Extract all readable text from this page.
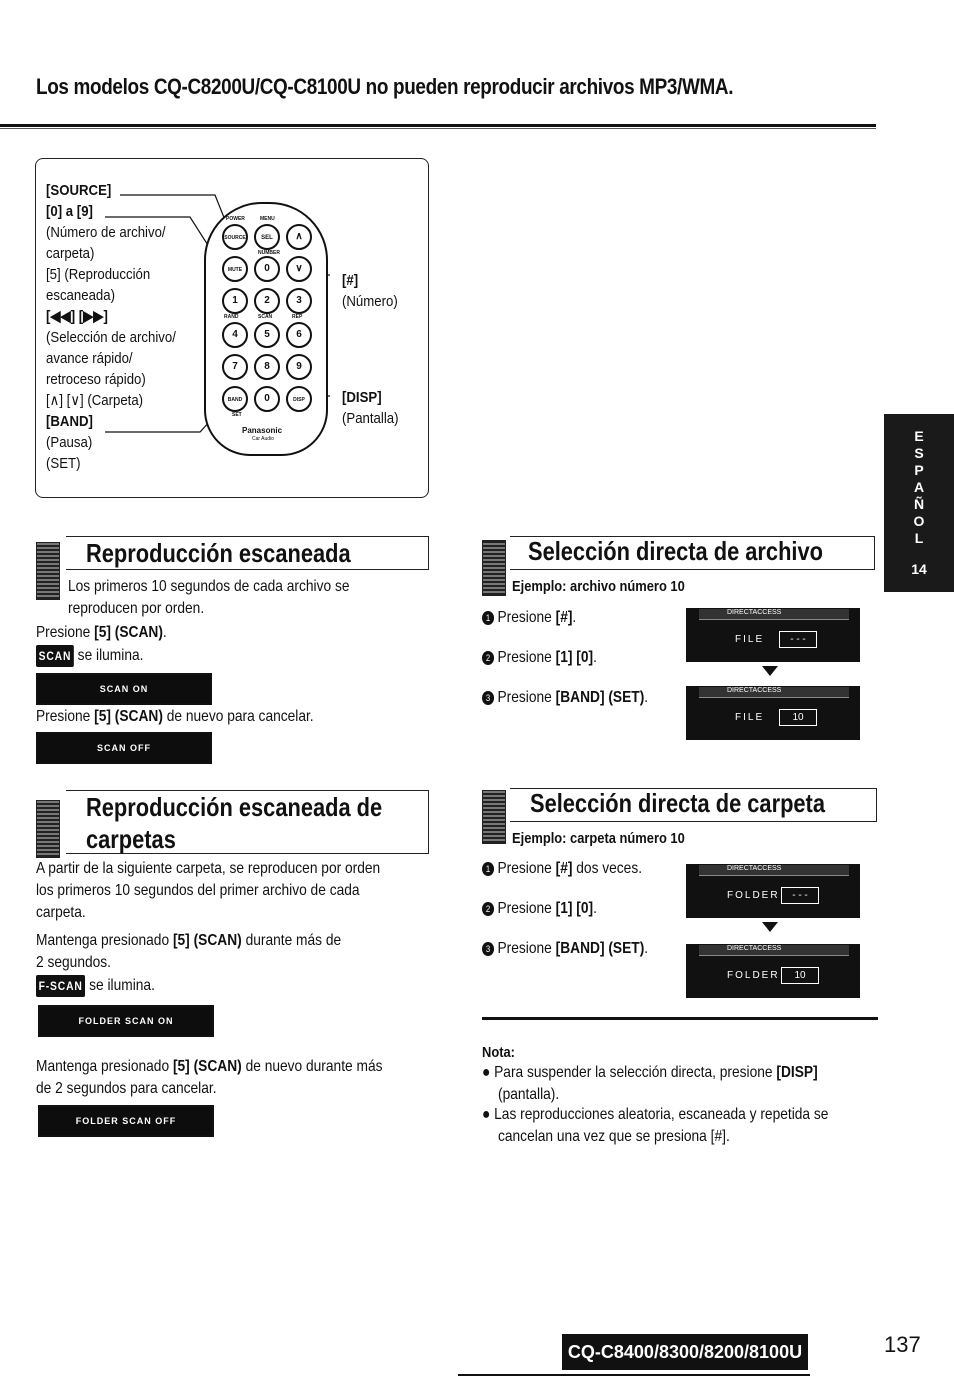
Los modelos CQ-C8200U/CQ-C8100U no pueden reproducir archivos MP3/WMA.
[SOURCE]
[0] a [9]
(Número de archivo/
carpeta)
[5] (Reproducción
escaneada)
[◀◀] [▶▶]
(Selección de archivo/
avance rápido/
retroceso rápido)
[∧] [∨] (Carpeta)
[BAND]
(Pausa)
(SET)
POWER	MENU
SOURCE	SEL	∧
NUMBER
MUTE	0	∨
1	2	3
RAND	SCAN	REP
4	5	6
7	8	9
BAND	0	DISP
SET
Panasonic
Car Audio
[#]
(Número)
[DISP]
(Pantalla)
Reproducción escaneada
Los primeros 10 segundos de cada archivo se
reproducen por orden.
Presione [5] (SCAN).
SCAN se ilumina.
SCAN ON
Presione [5] (SCAN) de nuevo para cancelar.
SCAN OFF
Reproducción escaneada de
carpetas
A partir de la siguiente carpeta, se reproducen por orden
los primeros 10 segundos del primer archivo de cada
carpeta.
Mantenga presionado [5] (SCAN) durante más de
2 segundos.
F-SCAN se ilumina.
FOLDER SCAN ON
Mantenga presionado [5] (SCAN) de nuevo durante más
de 2 segundos para cancelar.
FOLDER SCAN OFF
Selección directa de archivo
Ejemplo: archivo número 10
1 Presione [#].
2 Presione [1] [0].
3 Presione [BAND] (SET).
DIRECTACCESS
FILE	- - -
DIRECTACCESS
FILE	10
Selección directa de carpeta
Ejemplo: carpeta número 10
1 Presione [#] dos veces.
2 Presione [1] [0].
3 Presione [BAND] (SET).
DIRECTACCESS
FOLDER	- - -
DIRECTACCESS
FOLDER	10
Nota:
● Para suspender la selección directa, presione [DISP]
(pantalla).
● Las reproducciones aleatoria, escaneada y repetida se
cancelan una vez que se presiona [#].
E
S
P
A
Ñ
O
L
14
CQ-C8400/8300/8200/8100U	137
